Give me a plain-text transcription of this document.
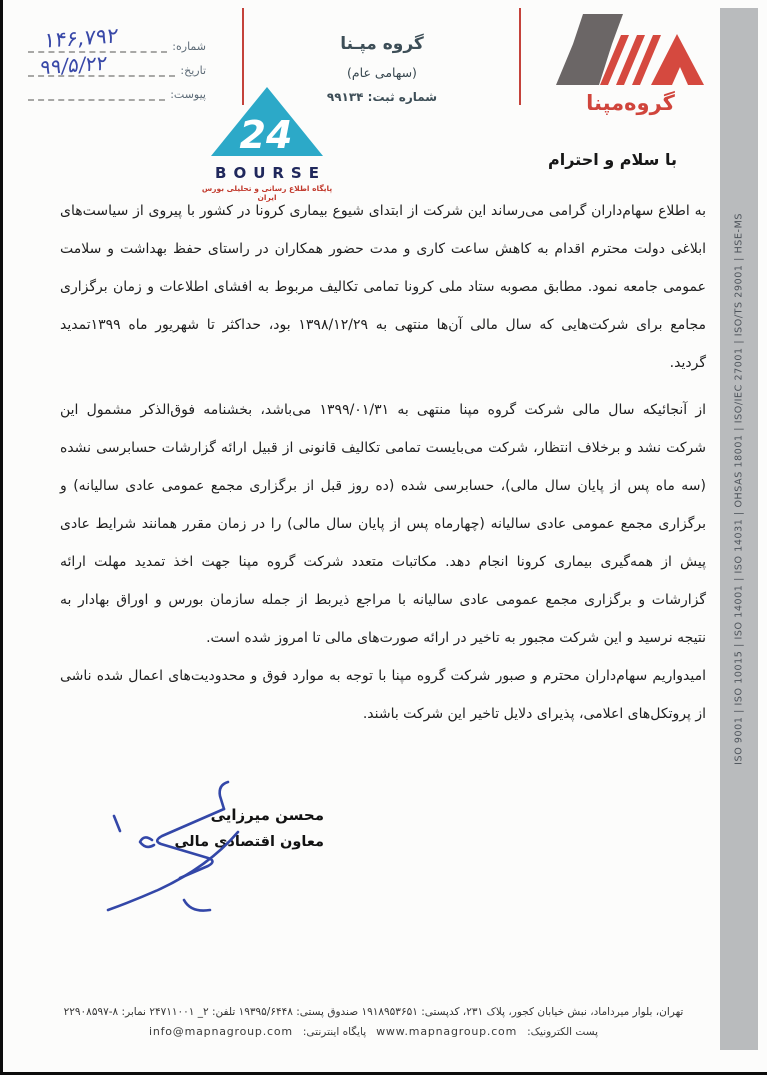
شماره:
تاریخ:
پیوست:
۱۴۶,۷۹۲
۹۹/۵/۲۲
گروه مپـنا
(سهامی عام)
شماره ثبت: ۹۹۱۳۴	گروه‌مپنا
24
BOURSE
پایگاه اطلاع رسانی و تحلیلی بورس ایران
با سلام و احترام
به اطلاع سهام‌داران گرامی می‌رساند این شرکت از ابتدای شیوع بیماری کرونا در کشور با پیروی از سیاست‌های
ابلاغی دولت محترم اقدام به کاهش ساعت کاری و مدت حضور همکاران در راستای حفظ بهداشت و سلامت
عمومی جامعه نمود. مطابق مصوبه ستاد ملی کرونا تمامی تکالیف مربوط به افشای اطلاعات و زمان برگزاری
مجامع برای شرکت‌هایی که سال مالی آن‌ها منتهی به ۱۳۹۸/۱۲/۲۹ بود، حداکثر تا شهریور ماه ۱۳۹۹تمدید
گردید.
از آنجائیکه سال مالی شرکت گروه مپنا منتهی به ۱۳۹۹/۰۱/۳۱ می‌باشد، بخشنامه فوق‌الذکر مشمول این
شرکت نشد و برخلاف انتظار، شرکت می‌بایست تمامی تکالیف قانونی از قبیل ارائه گزارشات حسابرسی نشده
(سه ماه پس از پایان سال مالی)، حسابرسی شده (ده روز قبل از برگزاری مجمع عمومی عادی سالیانه) و
برگزاری مجمع عمومی عادی سالیانه (چهارماه پس از پایان سال مالی) را در زمان مقرر همانند شرایط عادی
پیش از همه‌گیری بیماری کرونا انجام دهد. مکاتبات متعدد شرکت گروه مپنا جهت اخذ تمدید مهلت ارائه
گزارشات و برگزاری مجمع عمومی عادی سالیانه با مراجع ذیربط از جمله سازمان بورس و اوراق بهادار به
نتیجه نرسید و این شرکت مجبور به تاخیر در ارائه صورت‌های مالی تا امروز شده است.
امیدواریم سهام‌داران محترم و صبور شرکت گروه مپنا با توجه به موارد فوق و محدودیت‌های اعمال شده ناشی
از پروتکل‌های اعلامی، پذیرای دلایل تاخیر این شرکت باشند.
محسن میرزایی
معاون اقتصادی مالی
ISO 9001 | ISO 10015 | ISO 14001 | ISO 14031 | OHSAS 18001 | ISO/IEC 27001 | ISO/TS 29001 | HSE-MS
تهران، بلوار میرداماد، نبش خیابان کجور، پلاک ۲۳۱، کدپستی: ۱۹۱۸۹۵۳۶۵۱ صندوق پستی: ۱۹۳۹۵/۶۴۴۸ تلفن: ۲_ ۲۴۷۱۱۰۰۱ نمابر: ۸-۲۲۹۰۸۵۹۷
info@mapnagroup.com پایگاه اینترنتی: www.mapnagroup.com پست الکترونیک:
